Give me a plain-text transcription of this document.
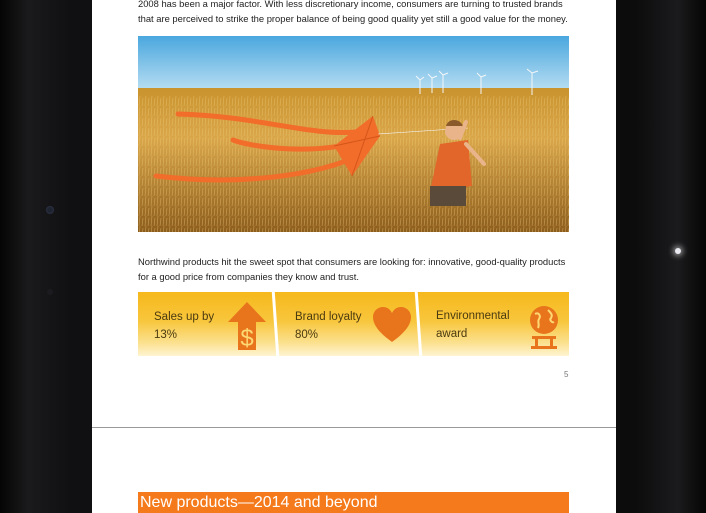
2008 has been a major factor. With less discretionary income, consumers are turning to trusted brands
that are perceived to strike the proper balance of being good quality yet still a good value for the money.

Northwind products hit the sweet spot that consumers are looking for: innovative, good-quality products
for a good price from companies they know and trust.

Sales up by
13%	$
Brand loyalty
80%
Environmental
award
5
New products—2014 and beyond
